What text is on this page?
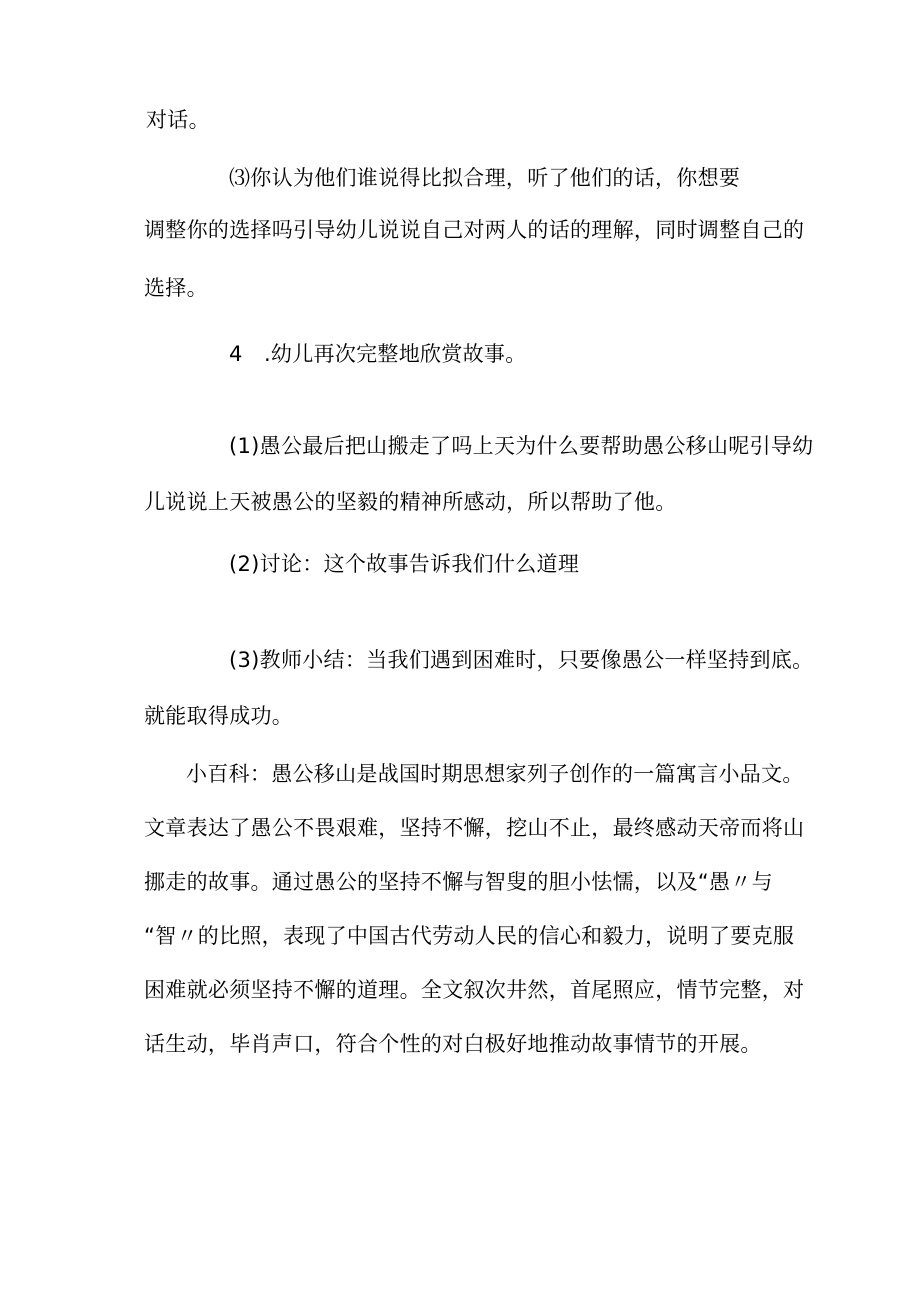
对话。
⑶你认为他们谁说得比拟合理，听了他们的话，你想要
调整你的选择吗引导幼儿说说自己对两人的话的理解，同时调整自己的
选择。
4　.幼儿再次完整地欣赏故事。
(1)愚公最后把山搬走了吗上天为什么要帮助愚公移山呢引导幼
儿说说上天被愚公的坚毅的精神所感动，所以帮助了他。
(2)讨论：这个故事告诉我们什么道理
(3)教师小结：当我们遇到困难时，只要像愚公一样坚持到底。
就能取得成功。
小百科：愚公移山是战国时期思想家列子创作的一篇寓言小品文。
文章表达了愚公不畏艰难，坚持不懈，挖山不止，最终感动天帝而将山
挪走的故事。通过愚公的坚持不懈与智叟的胆小怯懦，以及“愚〃与
“智〃的比照，表现了中国古代劳动人民的信心和毅力，说明了要克服
困难就必须坚持不懈的道理。全文叙次井然，首尾照应，情节完整，对
话生动，毕肖声口，符合个性的对白极好地推动故事情节的开展。
